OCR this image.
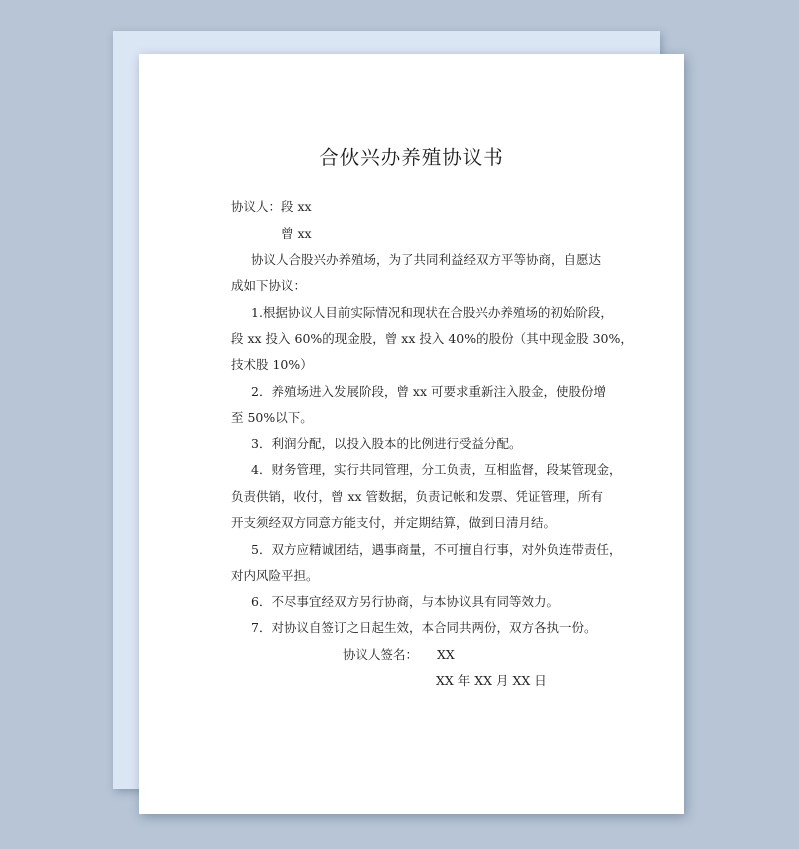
合伙兴办养殖协议书
协议人：段 xx
曾 xx
协议人合股兴办养殖场，为了共同利益经双方平等协商，自愿达
成如下协议：
1.根据协议人目前实际情况和现状在合股兴办养殖场的初始阶段，
段 xx 投入 60%的现金股，曾 xx 投入 40%的股份（其中现金股 30%，
技术股 10%）
2．养殖场进入发展阶段，曾 xx 可要求重新注入股金，使股份增
至 50%以下。
3．利润分配，以投入股本的比例进行受益分配。
4．财务管理，实行共同管理，分工负责，互相监督，段某管现金，
负责供销，收付，曾 xx 管数据，负责记帐和发票、凭证管理，所有
开支须经双方同意方能支付，并定期结算，做到日清月结。
5．双方应精诚团结，遇事商量，不可擅自行事，对外负连带责任，
对内风险平担。
6．不尽事宜经双方另行协商，与本协议具有同等效力。
7．对协议自签订之日起生效，本合同共两份，双方各执一份。
协议人签名： XX
XX 年 XX 月 XX 日
